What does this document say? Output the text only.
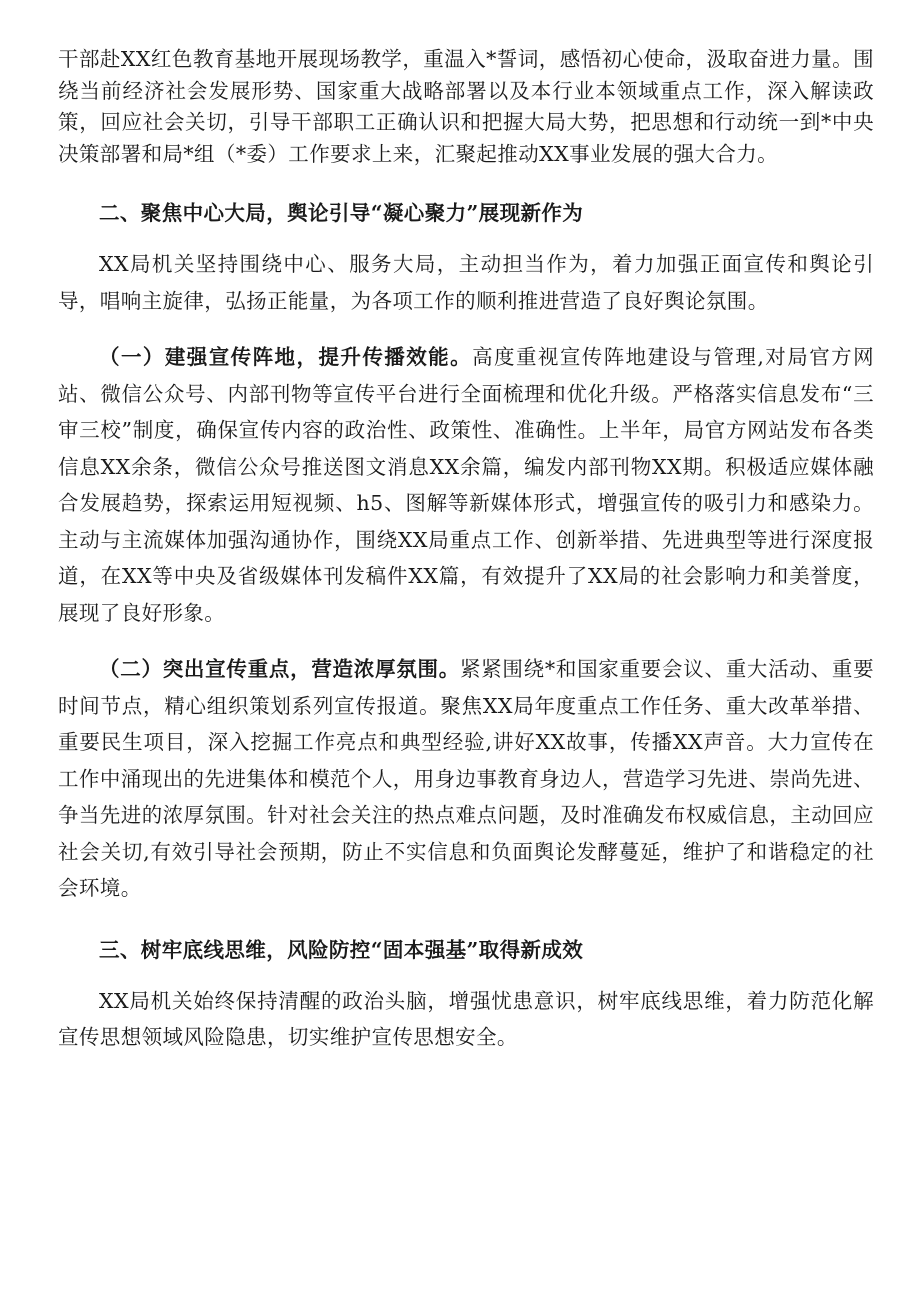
干部赴XX红色教育基地开展现场教学，重温入*誓词，感悟初心使命，汲取奋进力量。围绕当前经济社会发展形势、国家重大战略部署以及本行业本领域重点工作，深入解读政策，回应社会关切，引导干部职工正确认识和把握大局大势，把思想和行动统一到*中央决策部署和局*组（*委）工作要求上来，汇聚起推动XX事业发展的强大合力。

二、聚焦中心大局，舆论引导“凝心聚力”展现新作为

XX局机关坚持围绕中心、服务大局，主动担当作为，着力加强正面宣传和舆论引导，唱响主旋律，弘扬正能量，为各项工作的顺利推进营造了良好舆论氛围。

（一）建强宣传阵地，提升传播效能。高度重视宣传阵地建设与管理,对局官方网站、微信公众号、内部刊物等宣传平台进行全面梳理和优化升级。严格落实信息发布“三审三校”制度，确保宣传内容的政治性、政策性、准确性。上半年，局官方网站发布各类信息XX余条，微信公众号推送图文消息XX余篇，编发内部刊物XX期。积极适应媒体融合发展趋势，探索运用短视频、h5、图解等新媒体形式，增强宣传的吸引力和感染力。主动与主流媒体加强沟通协作，围绕XX局重点工作、创新举措、先进典型等进行深度报道，在XX等中央及省级媒体刊发稿件XX篇，有效提升了XX局的社会影响力和美誉度，展现了良好形象。

（二）突出宣传重点，营造浓厚氛围。紧紧围绕*和国家重要会议、重大活动、重要时间节点，精心组织策划系列宣传报道。聚焦XX局年度重点工作任务、重大改革举措、重要民生项目，深入挖掘工作亮点和典型经验,讲好XX故事，传播XX声音。大力宣传在工作中涌现出的先进集体和模范个人，用身边事教育身边人，营造学习先进、崇尚先进、争当先进的浓厚氛围。针对社会关注的热点难点问题，及时准确发布权威信息，主动回应社会关切,有效引导社会预期，防止不实信息和负面舆论发酵蔓延，维护了和谐稳定的社会环境。

三、树牢底线思维，风险防控“固本强基”取得新成效

XX局机关始终保持清醒的政治头脑，增强忧患意识，树牢底线思维，着力防范化解宣传思想领域风险隐患，切实维护宣传思想安全。
